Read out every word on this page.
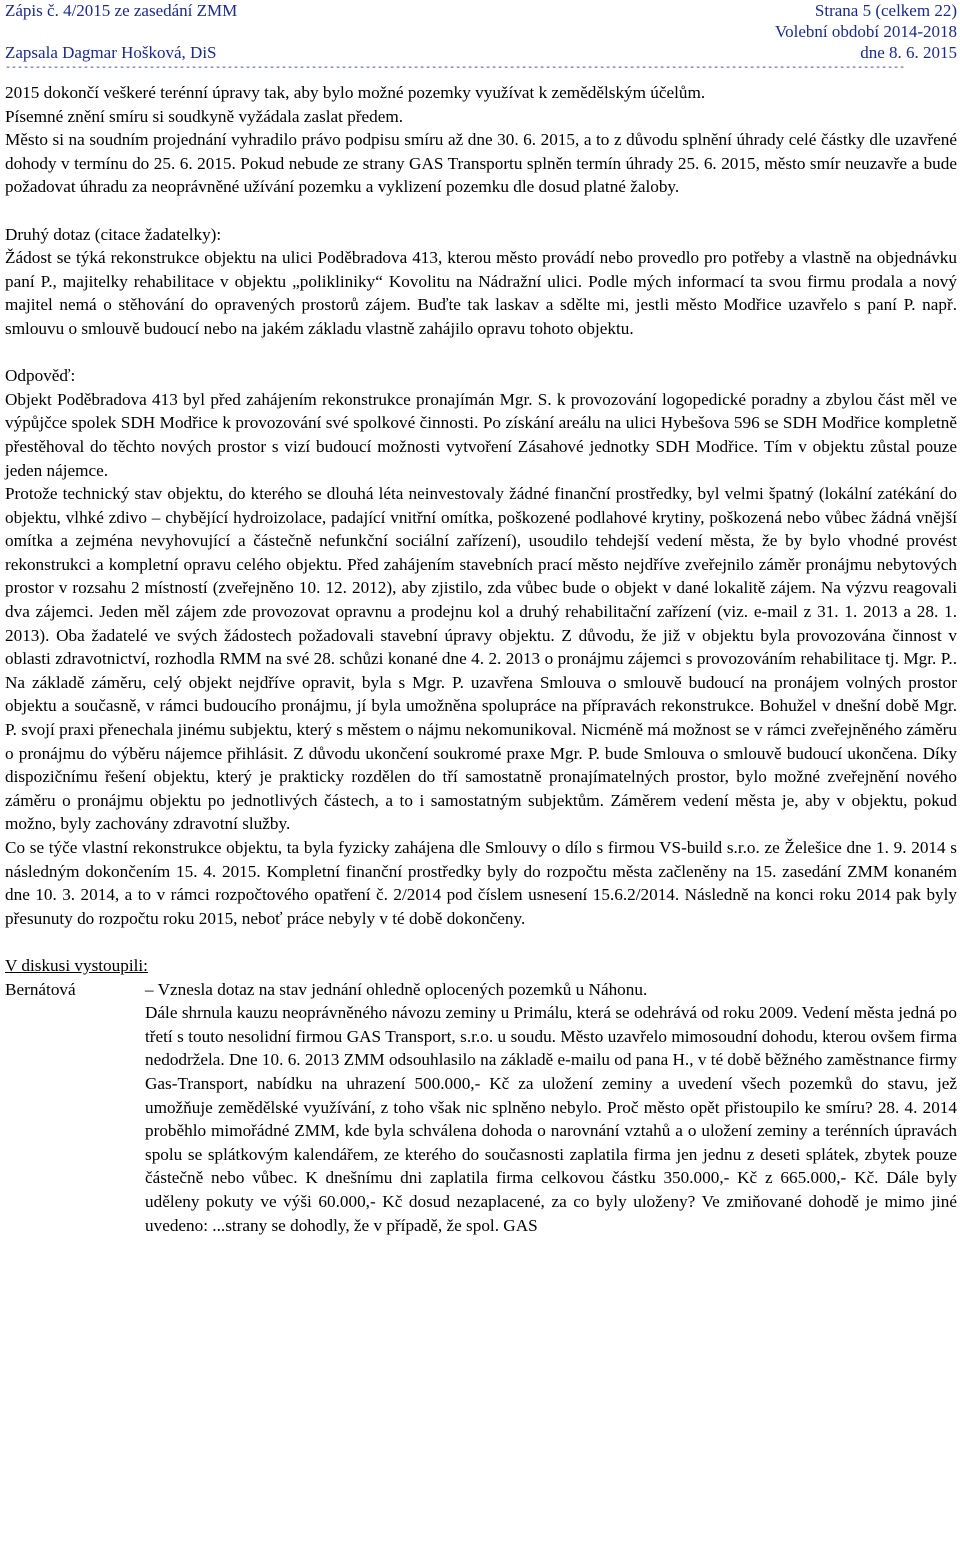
Zápis č. 4/2015 ze zasedání ZMM	Strana 5 (celkem 22)
Volební období 2014-2018
Zapsala Dagmar Hošková, DiS	dne 8. 6. 2015
------------------------------------------------------------------------------------------------------------------------------------------------------

2015 dokončí veškeré terénní úpravy tak, aby bylo možné pozemky využívat k zemědělským účelům.

Písemné znění smíru si soudkyně vyžádala zaslat předem.

Město si na soudním projednání vyhradilo právo podpisu smíru až dne 30. 6. 2015, a to z důvodu splnění úhrady celé částky dle uzavřené dohody v termínu do 25. 6. 2015. Pokud nebude ze strany GAS Transportu splněn termín úhrady 25. 6. 2015, město smír neuzavře a bude požadovat úhradu za neoprávněné užívání pozemku a vyklizení pozemku dle dosud platné žaloby.

Druhý dotaz (citace žadatelky):

Žádost se týká rekonstrukce objektu na ulici Poděbradova 413, kterou město provádí nebo provedlo pro potřeby a vlastně na objednávku paní P., majitelky rehabilitace v objektu „polikliniky“ Kovolitu na Nádražní ulici. Podle mých informací ta svou firmu prodala a nový majitel nemá o stěhování do opravených prostorů zájem. Buďte tak laskav a sdělte mi, jestli město Modřice uzavřelo s paní P. např. smlouvu o smlouvě budoucí nebo na jakém základu vlastně zahájilo opravu tohoto objektu.

Odpověď:

Objekt Poděbradova 413 byl před zahájením rekonstrukce pronajímán Mgr. S. k provozování logopedické poradny a zbylou část měl ve výpůjčce spolek SDH Modřice k provozování své spolkové činnosti. Po získání areálu na ulici Hybešova 596 se SDH Modřice kompletně přestěhoval do těchto nových prostor s vizí budoucí možnosti vytvoření Zásahové jednotky SDH Modřice. Tím v objektu zůstal pouze jeden nájemce.

Protože technický stav objektu, do kterého se dlouhá léta neinvestovaly žádné finanční prostředky, byl velmi špatný (lokální zatékání do objektu, vlhké zdivo – chybějící hydroizolace, padající vnitřní omítka, poškozené podlahové krytiny, poškozená nebo vůbec žádná vnější omítka a zejména nevyhovující a částečně nefunkční sociální zařízení), usoudilo tehdejší vedení města, že by bylo vhodné provést rekonstrukci a kompletní opravu celého objektu. Před zahájením stavebních prací město nejdříve zveřejnilo záměr pronájmu nebytových prostor v rozsahu 2 místností (zveřejněno 10. 12. 2012), aby zjistilo, zda vůbec bude o objekt v dané lokalitě zájem. Na výzvu reagovali dva zájemci. Jeden měl zájem zde provozovat opravnu a prodejnu kol a druhý rehabilitační zařízení (viz. e-mail z 31. 1. 2013 a 28. 1. 2013). Oba žadatelé ve svých žádostech požadovali stavební úpravy objektu. Z důvodu, že již v objektu byla provozována činnost v oblasti zdravotnictví, rozhodla RMM na své 28. schůzi konané dne 4. 2. 2013 o pronájmu zájemci s provozováním rehabilitace tj. Mgr. P.. Na základě záměru, celý objekt nejdříve opravit, byla s Mgr. P. uzavřena Smlouva o smlouvě budoucí na pronájem volných prostor objektu a současně, v rámci budoucího pronájmu, jí byla umožněna spolupráce na přípravách rekonstrukce. Bohužel v dnešní době Mgr. P. svojí praxi přenechala jinému subjektu, který s městem o nájmu nekomunikoval. Nicméně má možnost se v rámci zveřejněného záměru o pronájmu do výběru nájemce přihlásit. Z důvodu ukončení soukromé praxe Mgr. P. bude Smlouva o smlouvě budoucí ukončena. Díky dispozičnímu řešení objektu, který je prakticky rozdělen do tří samostatně pronajímatelných prostor, bylo možné zveřejnění nového záměru o pronájmu objektu po jednotlivých částech, a to i samostatným subjektům. Záměrem vedení města je, aby v objektu, pokud možno, byly zachovány zdravotní služby.

Co se týče vlastní rekonstrukce objektu, ta byla fyzicky zahájena dle Smlouvy o dílo s firmou VS-build s.r.o. ze Želešice dne 1. 9. 2014 s následným dokončením 15. 4. 2015. Kompletní finanční prostředky byly do rozpočtu města začleněny na 15. zasedání ZMM konaném dne 10. 3. 2014, a to v rámci rozpočtového opatření č. 2/2014 pod číslem usnesení 15.6.2/2014. Následně na konci roku 2014 pak byly přesunuty do rozpočtu roku 2015, neboť práce nebyly v té době dokončeny.

V diskusi vystoupili:

Bernátová	– Vznesla dotaz na stav jednání ohledně oplocených pozemků u Náhonu.

Dále shrnula kauzu neoprávněného návozu zeminy u Primálu, která se odehrává od roku 2009. Vedení města jedná po třetí s touto nesolidní firmou GAS Transport, s.r.o. u soudu. Město uzavřelo mimosoudní dohodu, kterou ovšem firma nedodržela. Dne 10. 6. 2013 ZMM odsouhlasilo na základě e-mailu od pana H., v té době běžného zaměstnance firmy Gas-Transport, nabídku na uhrazení 500.000,- Kč za uložení zeminy a uvedení všech pozemků do stavu, jež umožňuje zemědělské využívání, z toho však nic splněno nebylo. Proč město opět přistoupilo ke smíru? 28. 4. 2014 proběhlo mimořádné ZMM, kde byla schválena dohoda o narovnání vztahů a o uložení zeminy a terénních úpravách spolu se splátkovým kalendářem, ze kterého do současnosti zaplatila firma jen jednu z deseti splátek, zbytek pouze částečně nebo vůbec. K dnešnímu dni zaplatila firma celkovou částku 350.000,- Kč z 665.000,- Kč. Dále byly uděleny pokuty ve výši 60.000,- Kč dosud nezaplacené, za co byly uloženy? Ve zmiňované dohodě je mimo jiné uvedeno: ...strany se dohodly, že v případě, že spol. GAS
